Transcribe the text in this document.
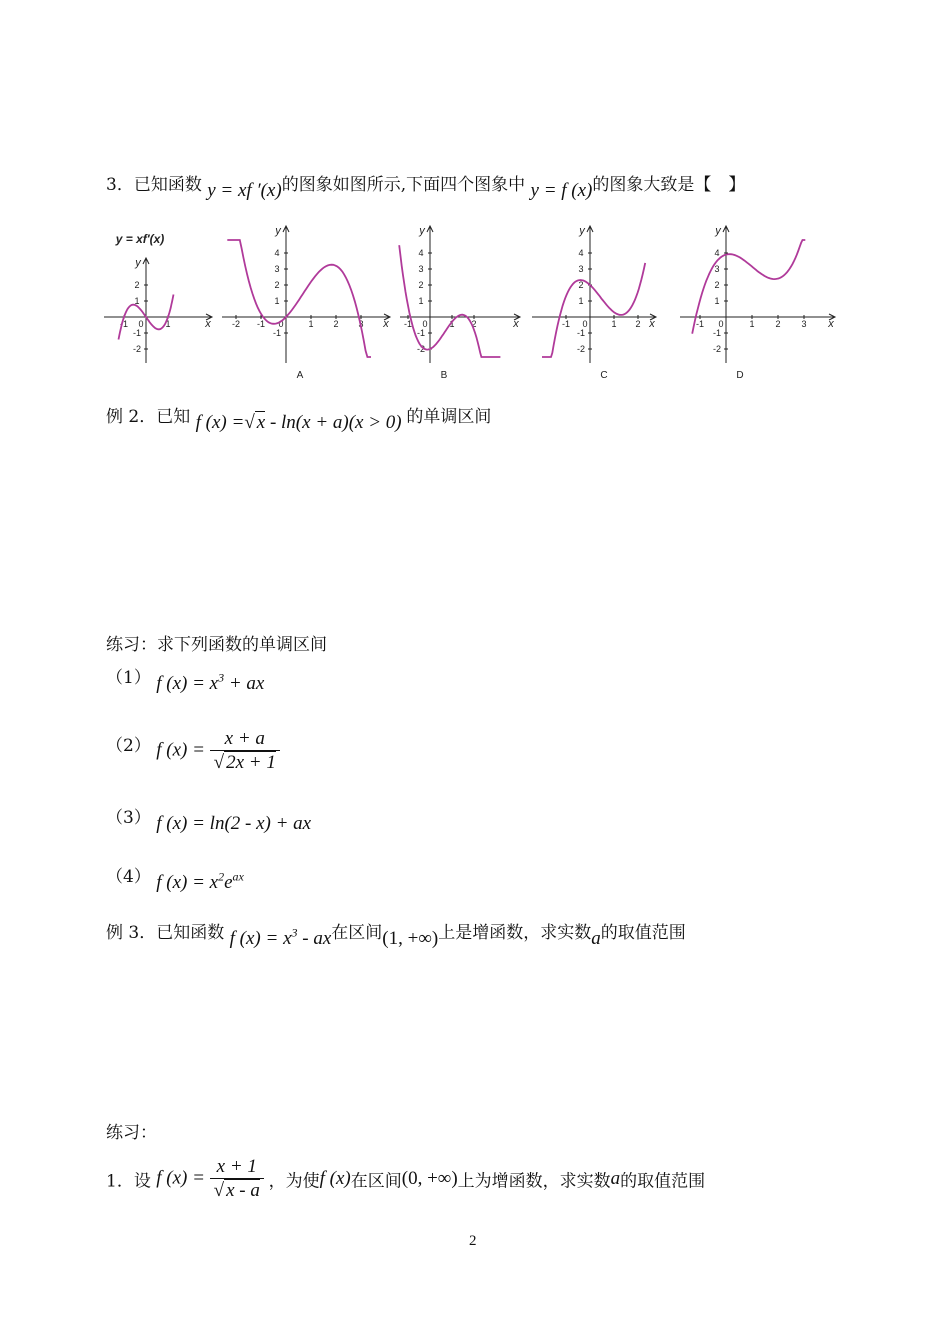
3．已知函数 y = xf ′(x)的图象如图所示,下面四个图象中 y = f (x)的图象大致是【　】
x
y
-1 0 1
2
1
-1
-2
y = xf′(x)
x
y
-2 -1 0	1 2 3
4
3
2
1
-1
A
x
y
-1 0 1 2
4
3
2
1
-1
-2
B
x
y
-1 0	1 2
4
3
2
1
-1
-2
C
x
y
-1 0	1 2 3
4
3
2
1
-1
-2
D
例 2．已知 f (x) =√ x - ln(x + a)(x > 0) 的单调区间
练习：求下列函数的单调区间
（1） f $(x) = x^3$ + ax
（2） f $(x) = \frac{x + a}{√ 2x + 1}$
（3） f (x) = ln(2 - x) + ax
（4） f $(x) = x^2e^{ax}$
例 3．已知函数 f $(x) = x^3$ - ax在区间(1, +∞)上是增函数，求实数a的取值范围
练习：
1．设 f $(x) = \frac{x + 1}{√ x - a}$ ，为使f (x)在区间(0, +∞)上为增函数，求实数a的取值范围
2
